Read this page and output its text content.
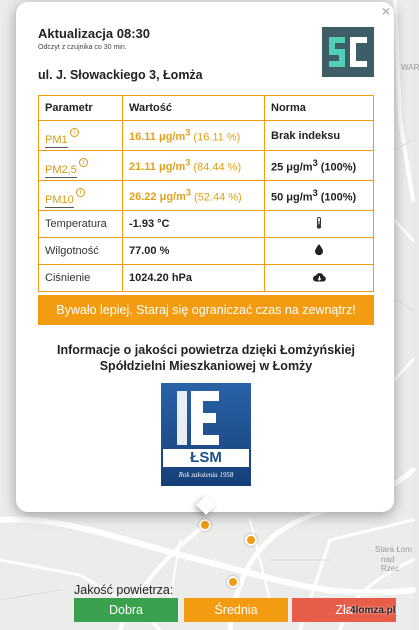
WAR
Stara Łom
nad Rzec
×
Aktualizacja 08:30
Odczyt z czujnika co 30 min.
ul. J. Słowackiego 3, Łomża
Parametr	Wartość	Norma
PM1i	16.11 $\mu g/m^3$ (16.11 %)	Brak indeksu
PM2,5i	21.11 $\mu g/m^3$ (84.44 %)	25 $\mu g/m^3$ (100%)
PM10i	26.22 $\mu g/m^3$ (52.44 %)	50 $\mu g/m^3$ (100%)
Temperatura	-1.93 °C	
Wilgotność	77.00 %	
Ciśnienie	1024.20 hPa	
Bywało lepiej. Staraj się ograniczać czas na zewnątrz!
Informacje o jakości powietrza dzięki Łomżyńskiej Spółdzielni Mieszkaniowej w Łomży
ŁSM
Rok założenia 1958
Jakość powietrza:
Dobra	Średnia	Zła
4lomza.pl
